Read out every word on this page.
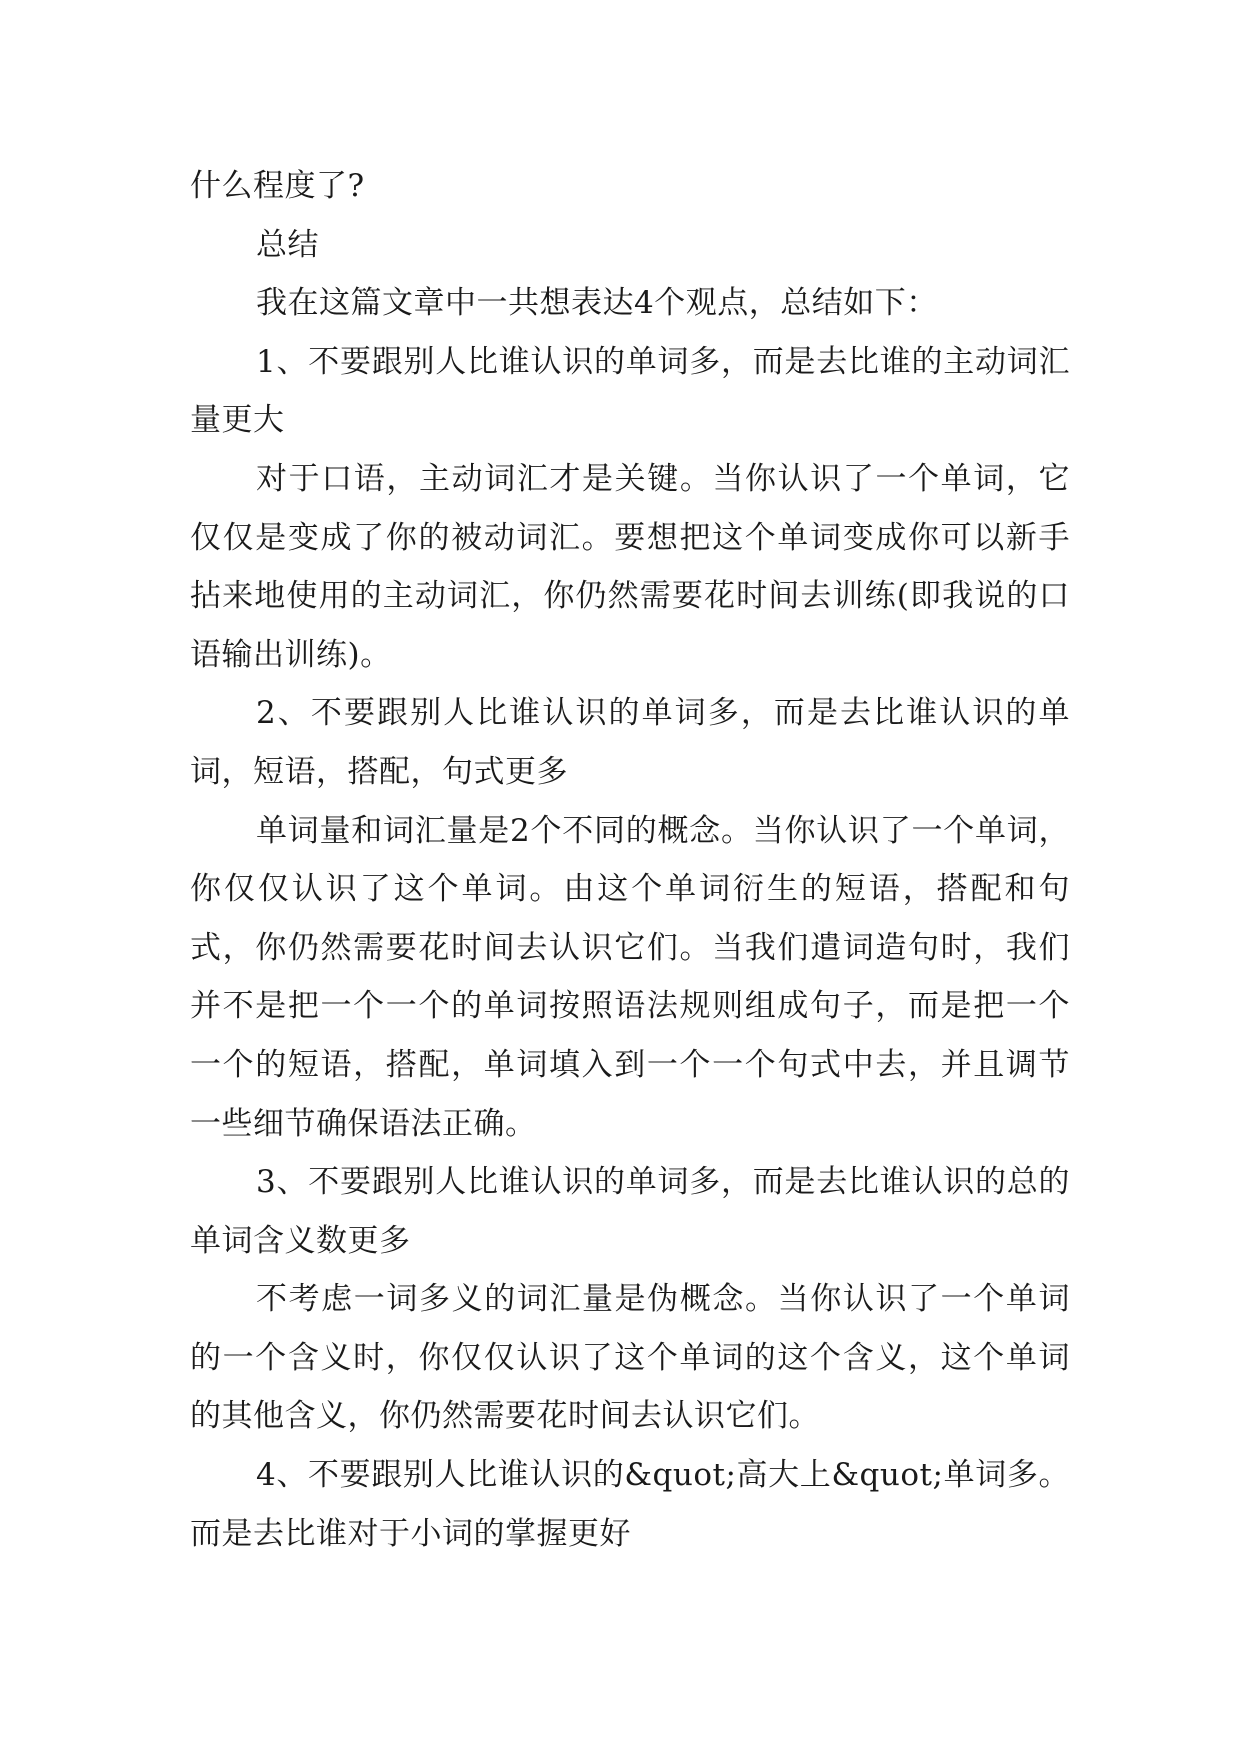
什么程度了?

总结

我在这篇文章中一共想表达4个观点，总结如下：

1、不要跟别人比谁认识的单词多，而是去比谁的主动词汇量更大

对于口语，主动词汇才是关键。当你认识了一个单词，它仅仅是变成了你的被动词汇。要想把这个单词变成你可以新手拈来地使用的主动词汇，你仍然需要花时间去训练(即我说的口语输出训练)。

2、不要跟别人比谁认识的单词多，而是去比谁认识的单词，短语，搭配，句式更多

单词量和词汇量是2个不同的概念。当你认识了一个单词，你仅仅认识了这个单词。由这个单词衍生的短语，搭配和句式，你仍然需要花时间去认识它们。当我们遣词造句时，我们并不是把一个一个的单词按照语法规则组成句子，而是把一个一个的短语，搭配，单词填入到一个一个句式中去，并且调节一些细节确保语法正确。

3、不要跟别人比谁认识的单词多，而是去比谁认识的总的单词含义数更多

不考虑一词多义的词汇量是伪概念。当你认识了一个单词的一个含义时，你仅仅认识了这个单词的这个含义，这个单词的其他含义，你仍然需要花时间去认识它们。

4、不要跟别人比谁认识的&quot;高大上&quot;单词多。而是去比谁对于小词的掌握更好
